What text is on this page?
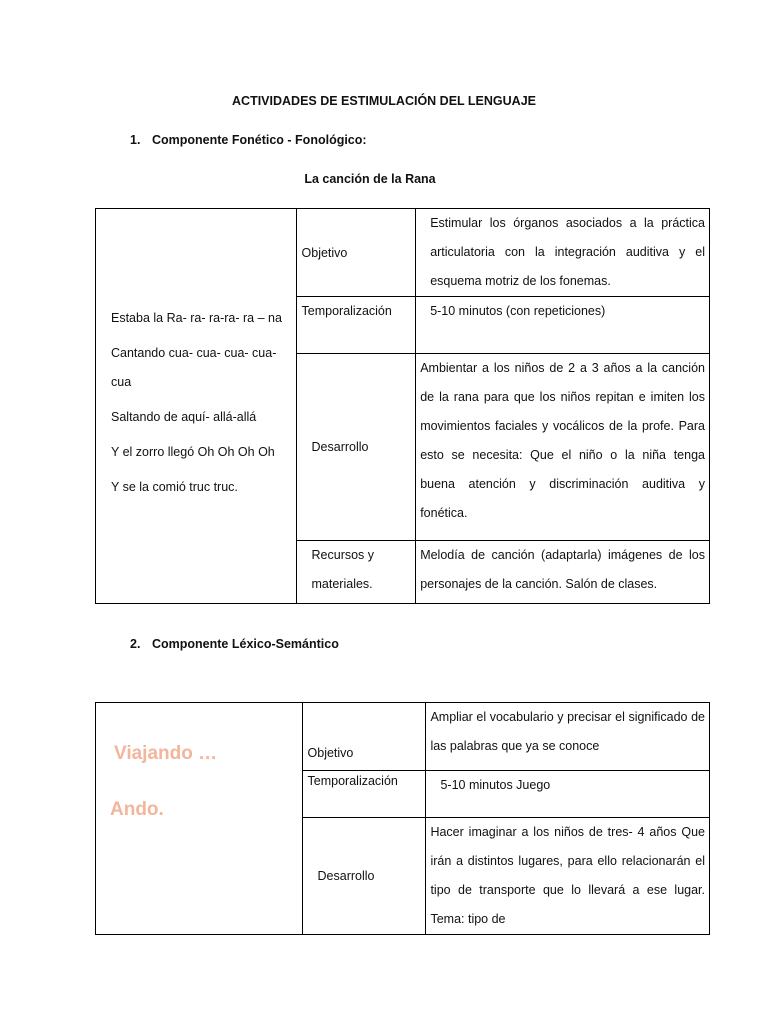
ACTIVIDADES DE ESTIMULACIÓN DEL LENGUAJE
1. Componente Fonético - Fonológico:
La canción de la Rana

Estaba la Ra- ra- ra-ra- ra – na

Cantando cua- cua- cua- cua- cua

Saltando de aquí- allá-allá

Y el zorro llegó Oh Oh Oh Oh

Y se la comió truc truc.	Objetivo	Estimular los órganos asociados a la práctica articulatoria con la integración auditiva y el esquema motriz de los fonemas.
	Temporalización	5-10 minutos (con repeticiones)
	Desarrollo	Ambientar a los niños de 2 a 3 años a la canción de la rana para que los niños repitan e imiten los movimientos faciales y vocálicos de la profe. Para esto se necesita: Que el niño o la niña tenga buena atención y discriminación auditiva y fonética.
	Recursos y materiales.	Melodía de canción (adaptarla) imágenes de los personajes de la canción. Salón de clases.
2. Componente Léxico-Semántico
Viajando …
Ando.	Objetivo	Ampliar el vocabulario y precisar el significado de las palabras que ya se conoce
	Temporalización	5-10 minutos Juego
	Desarrollo	Hacer imaginar a los niños de tres- 4 años Que irán a distintos lugares, para ello relacionarán el tipo de transporte que lo llevará a ese lugar. Tema: tipo de
